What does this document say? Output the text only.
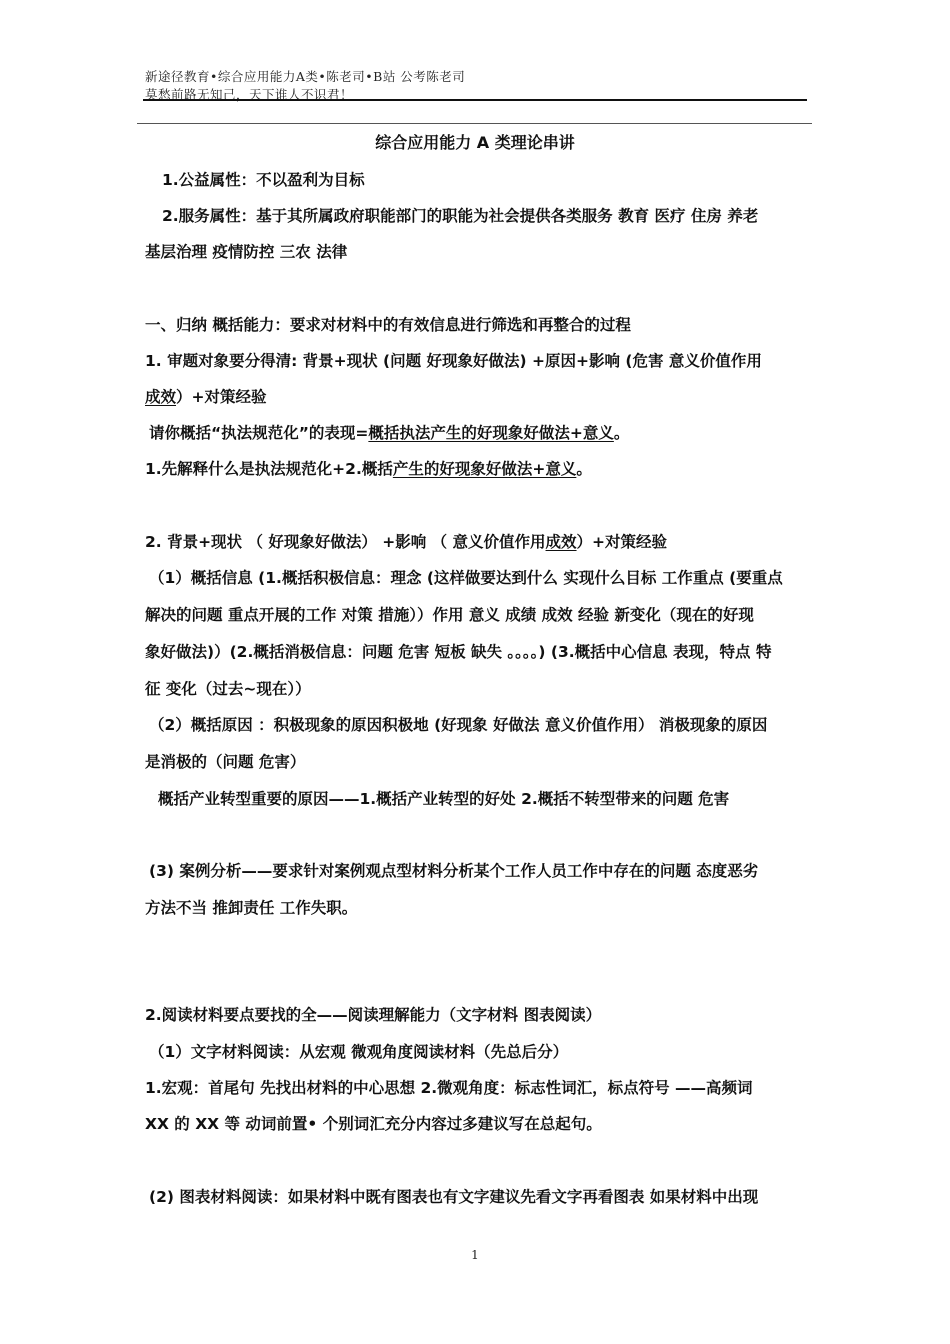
新途径教育•综合应用能力A类•陈老司•B站 公考陈老司
莫愁前路无知己，天下谁人不识君！
综合应用能力 A 类理论串讲
1.公益属性：不以盈利为目标
2.服务属性：基于其所属政府职能部门的职能为社会提供各类服务 教育 医疗 住房 养老
基层治理 疫情防控 三农 法律
一、归纳 概括能力：要求对材料中的有效信息进行筛选和再整合的过程
1. 审题对象要分得清: 背景+现状 (问题 好现象好做法) +原因+影响 (危害 意义价值作用
成效）+对策经验
请你概括“执法规范化”的表现=概括执法产生的好现象好做法+意义。
1.先解释什么是执法规范化+2.概括产生的好现象好做法+意义。
2. 背景+现状 （ 好现象好做法） +影响 （ 意义价值作用成效）+对策经验
（1）概括信息 (1.概括积极信息：理念 (这样做要达到什么 实现什么目标 工作重点 (要重点
解决的问题 重点开展的工作 对策 措施））作用 意义 成绩 成效 经验 新变化（现在的好现
象好做法)）(2.概括消极信息：问题 危害 短板 缺失 。。。。) (3.概括中心信息 表现，特点 特
征 变化（过去~现在））
（2）概括原因 ：积极现象的原因积极地 (好现象 好做法 意义价值作用） 消极现象的原因
是消极的（问题 危害）
概括产业转型重要的原因——1.概括产业转型的好处 2.概括不转型带来的问题 危害
(3) 案例分析——要求针对案例观点型材料分析某个工作人员工作中存在的问题 态度恶劣
方法不当 推卸责任 工作失职。
2.阅读材料要点要找的全——阅读理解能力（文字材料 图表阅读）
（1）文字材料阅读：从宏观 微观角度阅读材料（先总后分）
1.宏观：首尾句 先找出材料的中心思想 2.微观角度：标志性词汇，标点符号 ——高频词
XX 的 XX 等 动词前置• 个别词汇充分内容过多建议写在总起句。
(2) 图表材料阅读：如果材料中既有图表也有文字建议先看文字再看图表 如果材料中出现
1
